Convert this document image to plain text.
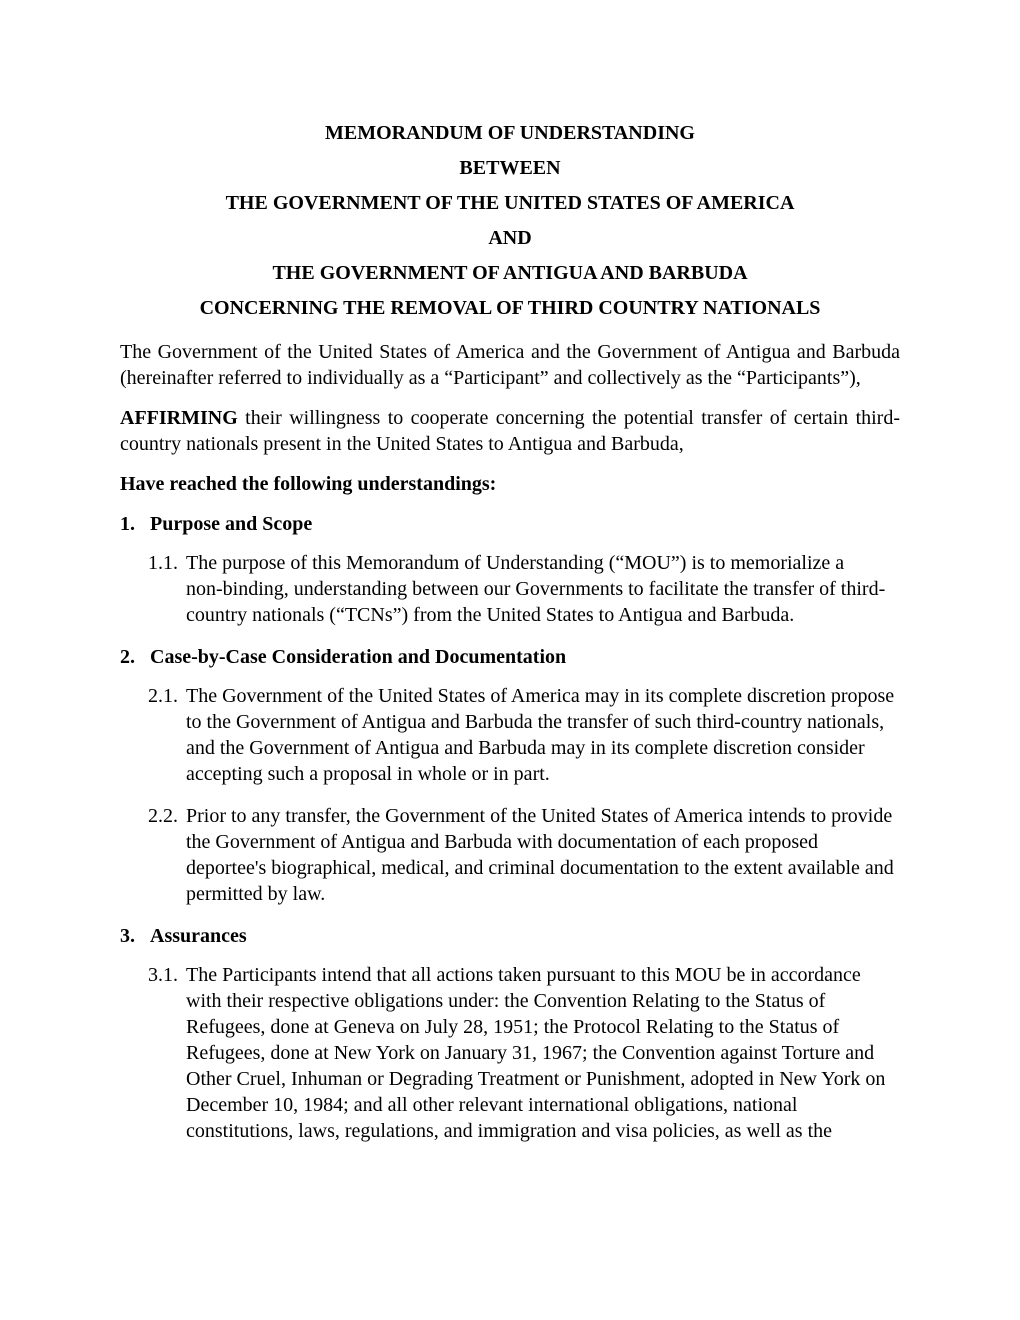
MEMORANDUM OF UNDERSTANDING
BETWEEN
THE GOVERNMENT OF THE UNITED STATES OF AMERICA
AND
THE GOVERNMENT OF ANTIGUA AND BARBUDA
CONCERNING THE REMOVAL OF THIRD COUNTRY NATIONALS

The Government of the United States of America and the Government of Antigua and Barbuda (hereinafter referred to individually as a “Participant” and collectively as the “Participants”),

AFFIRMING their willingness to cooperate concerning the potential transfer of certain third-country nationals present in the United States to Antigua and Barbuda,

Have reached the following understandings:

1. Purpose and Scope
1.1. The purpose of this Memorandum of Understanding (“MOU”) is to memorialize a non‑binding, understanding between our Governments to facilitate the transfer of third-country nationals (“TCNs”) from the United States to Antigua and Barbuda.
2. Case-by-Case Consideration and Documentation
2.1. The Government of the United States of America may in its complete discretion propose to the Government of Antigua and Barbuda the transfer of such third-country nationals, and the Government of Antigua and Barbuda may in its complete discretion consider accepting such a proposal in whole or in part.
2.2. Prior to any transfer, the Government of the United States of America intends to provide the Government of Antigua and Barbuda with documentation of each proposed deportee's biographical, medical, and criminal documentation to the extent available and permitted by law.
3. Assurances
3.1. The Participants intend that all actions taken pursuant to this MOU be in accordance with their respective obligations under: the Convention Relating to the Status of Refugees, done at Geneva on July 28, 1951; the Protocol Relating to the Status of Refugees, done at New York on January 31, 1967; the Convention against Torture and Other Cruel, Inhuman or Degrading Treatment or Punishment, adopted in New York on December 10, 1984; and all other relevant international obligations, national constitutions, laws, regulations, and immigration and visa policies, as well as the
